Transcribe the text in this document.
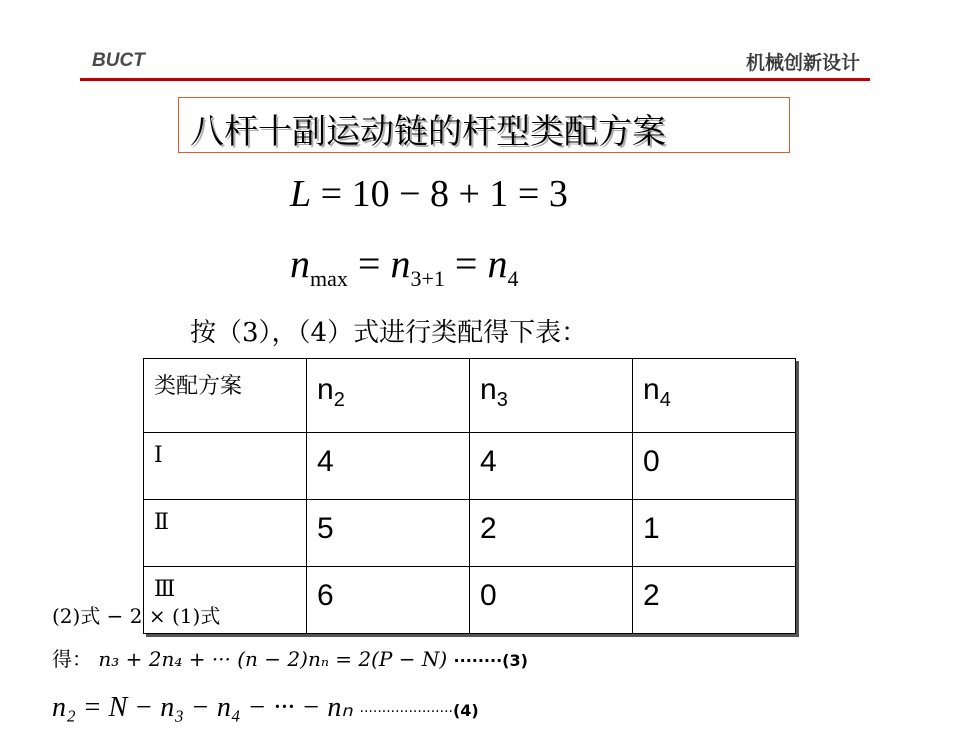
BUCT	机械创新设计
八杆十副运动链的杆型类配方案
L = 10 − 8 + 1 = 3
$n_{max} = n_{3+1} = n_4$
按（3），（4）式进行类配得下表：
类配方案	$n_2$	$n_3$	$n_4$
Ⅰ	4	4	0
Ⅱ	5	2	1
Ⅲ	6	0	2
(2)式 − 2 × (1)式
得： n₃ + 2n₄ + ··· (n − 2)nₙ = 2(P − N) ········(3)
n₂ = N − n₃ − n₄ − ··· − nₙ ·····················(4)
